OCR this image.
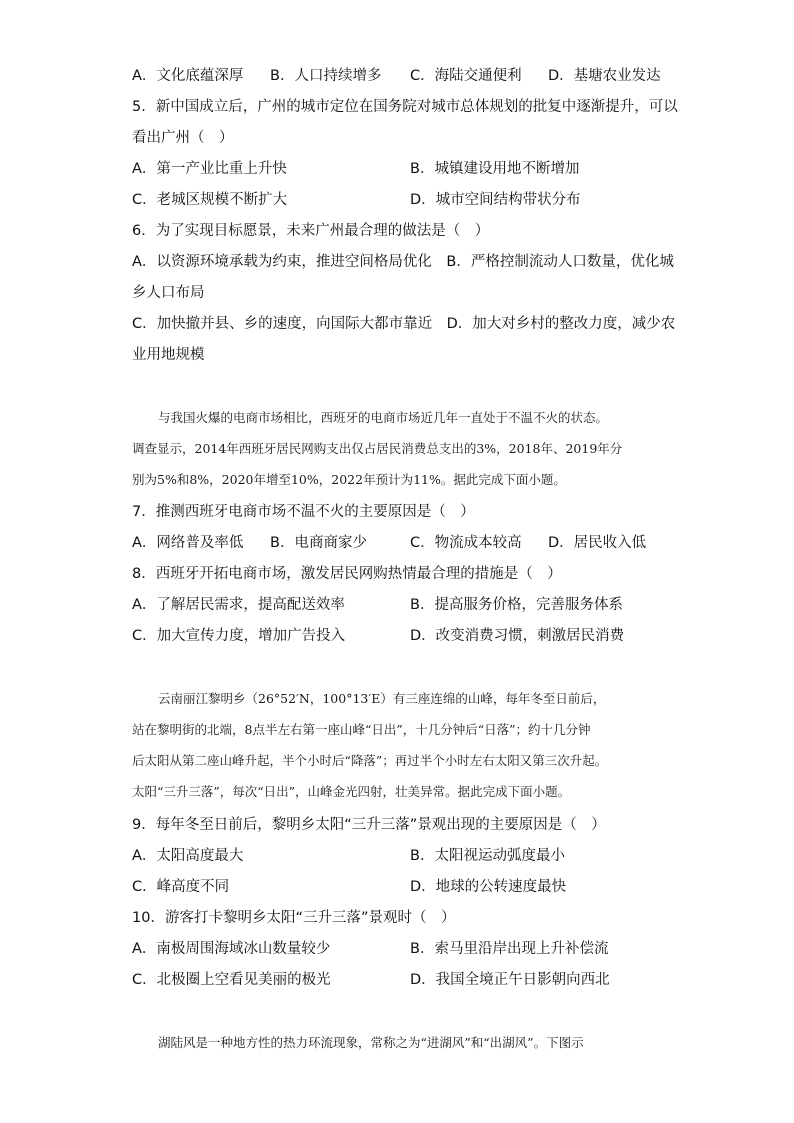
A．文化底蕴深厚	B．人口持续增多	C．海陆交通便利	D．基塘农业发达
5．新中国成立后，广州的城市定位在国务院对城市总体规划的批复中逐渐提升，可以
看出广州（　）
A．第一产业比重上升快	B．城镇建设用地不断增加
C．老城区规模不断扩大	D．城市空间结构带状分布
6．为了实现目标愿景，未来广州最合理的做法是（　）
A．以资源环境承载为约束，推进空间格局优化　B．严格控制流动人口数量，优化城
乡人口布局
C．加快撤并县、乡的速度，向国际大都市靠近　D．加大对乡村的整改力度，减少农
业用地规模
与我国火爆的电商市场相比，西班牙的电商市场近几年一直处于不温不火的状态。
调查显示，2014年西班牙居民网购支出仅占居民消费总支出的3%，2018年、2019年分
别为5%和8%，2020年增至10%，2022年预计为11%。据此完成下面小题。
7．推测西班牙电商市场不温不火的主要原因是（　）
A．网络普及率低	B．电商商家少	C．物流成本较高	D．居民收入低
8．西班牙开拓电商市场，激发居民网购热情最合理的措施是（　）
A．了解居民需求，提高配送效率	B．提高服务价格，完善服务体系
C．加大宣传力度，增加广告投入	D．改变消费习惯，刺激居民消费
云南丽江黎明乡（26°52′N，100°13′E）有三座连绵的山峰，每年冬至日前后，
站在黎明街的北端，8点半左右第一座山峰“日出”，十几分钟后“日落”；约十几分钟
后太阳从第二座山峰升起，半个小时后“降落”；再过半个小时左右太阳又第三次升起。
太阳“三升三落”，每次“日出”，山峰金光四射，壮美异常。据此完成下面小题。
9．每年冬至日前后，黎明乡太阳“三升三落”景观出现的主要原因是（　）
A．太阳高度最大	B．太阳视运动弧度最小
C．峰高度不同	D．地球的公转速度最快
10．游客打卡黎明乡太阳“三升三落”景观时（　）
A．南极周围海域冰山数量较少	B．索马里沿岸出现上升补偿流
C．北极圈上空看见美丽的极光	D．我国全境正午日影朝向西北
湖陆风是一种地方性的热力环流现象，常称之为“进湖风”和“出湖风”。下图示
